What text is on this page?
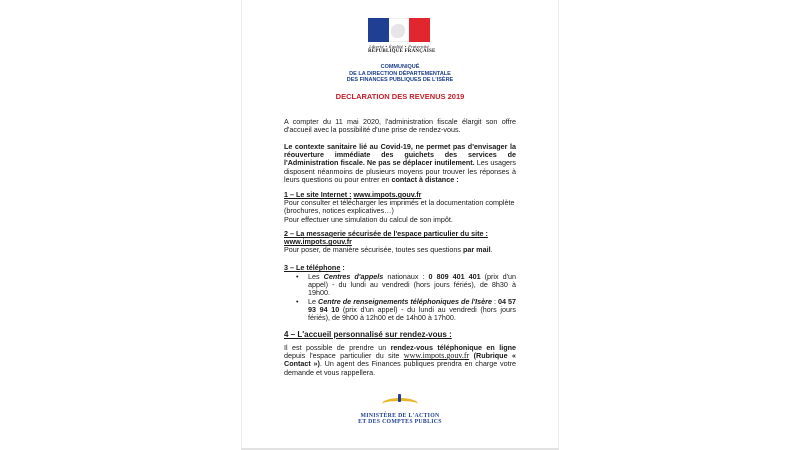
Liberté • Égalité • Fraternité
RÉPUBLIQUE FRANÇAISE
COMMUNIQUÉ
DE LA DIRECTION DÉPARTEMENTALE
DES FINANCES PUBLIQUES DE L'ISÈRE
DECLARATION DES REVENUS 2019
A compter du 11 mai 2020, l'administration fiscale élargit son offre d'accueil avec la possibilité d'une prise de rendez-vous.
Le contexte sanitaire lié au Covid-19, ne permet pas d'envisager la réouverture immédiate des guichets des services de l'Administration fiscale. Ne pas se déplacer inutilement. Les usagers disposent néanmoins de plusieurs moyens pour trouver les réponses à leurs questions ou pour entrer en contact à distance :
1 – Le site Internet : www.impots.gouv.fr
Pour consulter et télécharger les imprimés et la documentation complète (brochures, notices explicatives…)
Pour effectuer une simulation du calcul de son impôt.
2 – La messagerie sécurisée de l'espace particulier du site :
www.impots.gouv.fr
Pour poser, de manière sécurisée, toutes ses questions par mail.
3 – Le téléphone :
• Les Centres d'appels nationaux : 0 809 401 401 (prix d'un appel) - du lundi au vendredi (hors jours fériés), de 8h30 à 19h00.
• Le Centre de renseignements téléphoniques de l'Isère : 04 57 93 94 10 (prix d'un appel) - du lundi au vendredi (hors jours fériés), de 9h00 à 12h00 et de 14h00 à 17h00.
4 – L'accueil personnalisé sur rendez-vous :
Il est possible de prendre un rendez-vous téléphonique en ligne depuis l'espace particulier du site www.impots.gouv.fr (Rubrique « Contact »). Un agent des Finances publiques prendra en charge votre demande et vous rappellera.
MINISTÈRE DE L'ACTION
ET DES COMPTES PUBLICS
